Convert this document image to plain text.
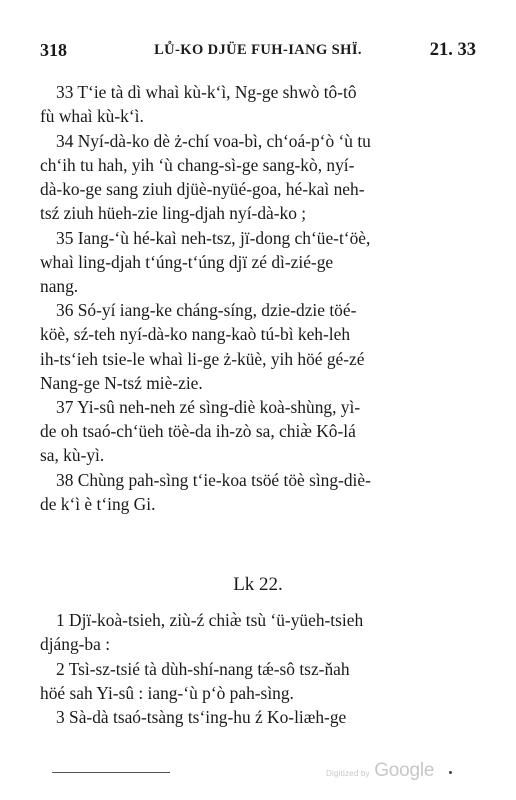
318	LŮ-KO DJÜE FUH-IANG SHÏ.	21. 33
33 T‘ie tà dì whaì kù-k‘ì, Ng-ge shwò tô-tô
fù whaì kù-k‘ì.
34 Nyí-dà-ko dè ż-chí voa-bì, ch‘oá-p‘ò ‘ù tu
ch‘ih tu hah, yih ‘ù chang-sì-ge sang-kò, nyí-
dà-ko-ge sang ziuh djüè-nyüé-goa, hé-kaì neh-
tsź ziuh hüeh-zie ling-djah nyí-dà-ko ;
35 Iang-‘ù hé-kaì neh-tsz, jï-dong ch‘üe-t‘öè,
whaì ling-djah t‘úng-t‘úng djï zé dì-zié-ge
nang.
36 Só-yí iang-ke cháng-síng, dzie-dzie töé-
köè, sź-teh nyí-dà-ko nang-kaò tú-bì keh-leh
ih-ts‘ieh tsie-le whaì li-ge ż-küè, yih höé gé-zé
Nang-ge N-tsź miè-zie.
37 Yi-sû neh-neh zé sìng-diè koà-shùng, yì-
de oh tsaó-ch‘üeh töè-da ih-zò sa, chiæ̀ Kô-lá
sa, kù-yì.
38 Chùng pah-sìng t‘ie-koa tsöé töè sìng-diè-
de k‘ì è t‘ing Gi.
Lk 22.
1 Djï-koà-tsieh, ziù-ź chiæ̀ tsù ‘ü-yüeh-tsieh
djáng-ba :
2 Tsì-sz-tsié tà dùh-shí-nang tǽ-sô tsz-ňah
höé sah Yi-sû : iang-‘ù p‘ò pah-sìng.
3 Sà-dà tsaó-tsàng ts‘ing-hu ź Ko-liæh-ge
Digitized by Google
